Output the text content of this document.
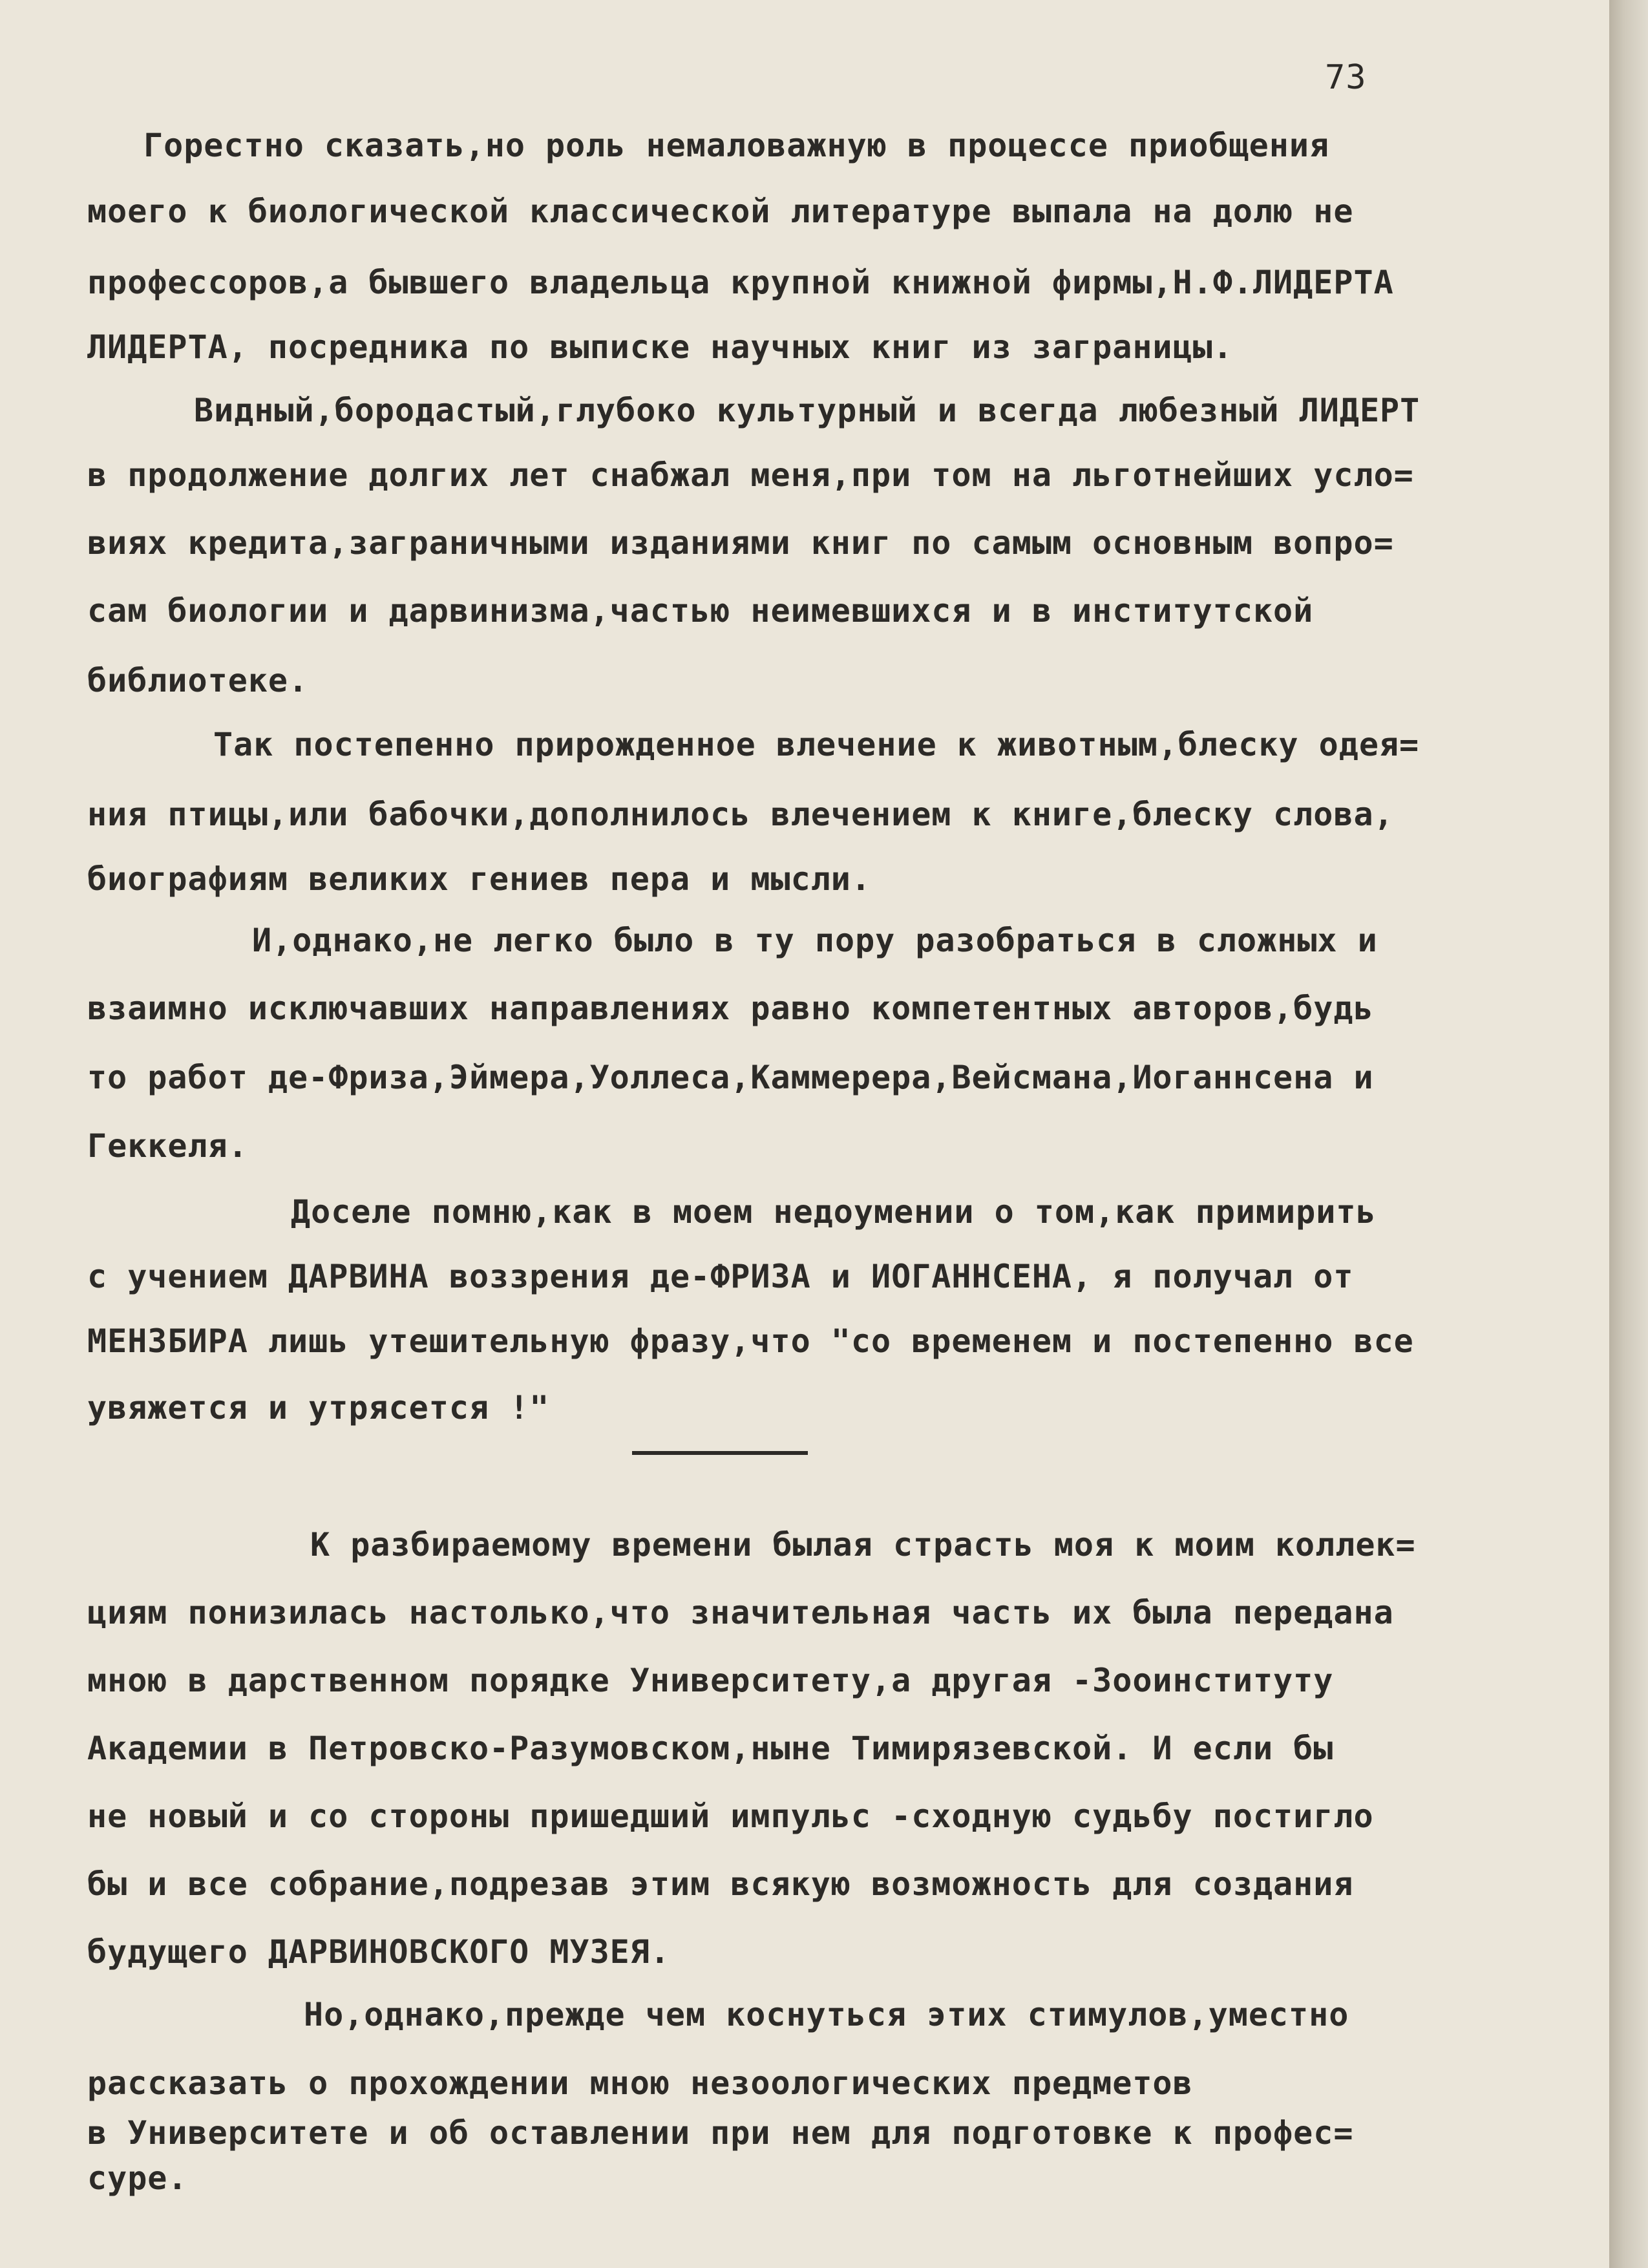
73

Горестно сказать,но роль немаловажную в процессе приобщения

моего к биологической классической литературе выпала на долю не

профессоров,а бывшего владельца крупной книжной фирмы,Н.Ф.ЛИДЕРТА

ЛИДЕРТА, посредника по выписке научных книг из заграницы.

Видный,бородастый,глубоко культурный и всегда любезный ЛИДЕРТ

в продолжение долгих лет снабжал меня,при том на льготнейших усло=

виях кредита,заграничными изданиями книг по самым основным вопро=

сам биологии и дарвинизма,частью неимевшихся и в институтской

библиотеке.

Так постепенно прирожденное влечение к животным,блеску одея=

ния птицы,или бабочки,дополнилось влечением к книге,блеску слова,

биографиям великих гениев пера и мысли.

И,однако,не легко было в ту пору разобраться в сложных и

взаимно исключавших направлениях равно компетентных авторов,будь

то работ де-Фриза,Эймера,Уоллеса,Каммерера,Вейсмана,Иоганнсена и

Геккеля.

Доселе помню,как в моем недоумении о том,как примирить

с учением ДАРВИНА воззрения де-ФРИЗА и ИОГАННСЕНА, я получал от

МЕНЗБИРА лишь утешительную фразу,что "со временем и постепенно все

увяжется и утрясется !"

К разбираемому времени былая страсть моя к моим коллек=

циям понизилась настолько,что значительная часть их была передана

мною в дарственном порядке Университету,а другая -Зооинституту

Академии в Петровско-Разумовском,ныне Тимирязевской. И если бы

не новый и со стороны пришедший импульс -сходную судьбу постигло

бы и все собрание,подрезав этим всякую возможность для создания

будущего ДАРВИНОВСКОГО МУЗЕЯ.

Но,однако,прежде чем коснуться этих стимулов,уместно

рассказать о прохождении мною незоологических предметов

в Университете и об оставлении при нем для подготовке к профес=

суре.
